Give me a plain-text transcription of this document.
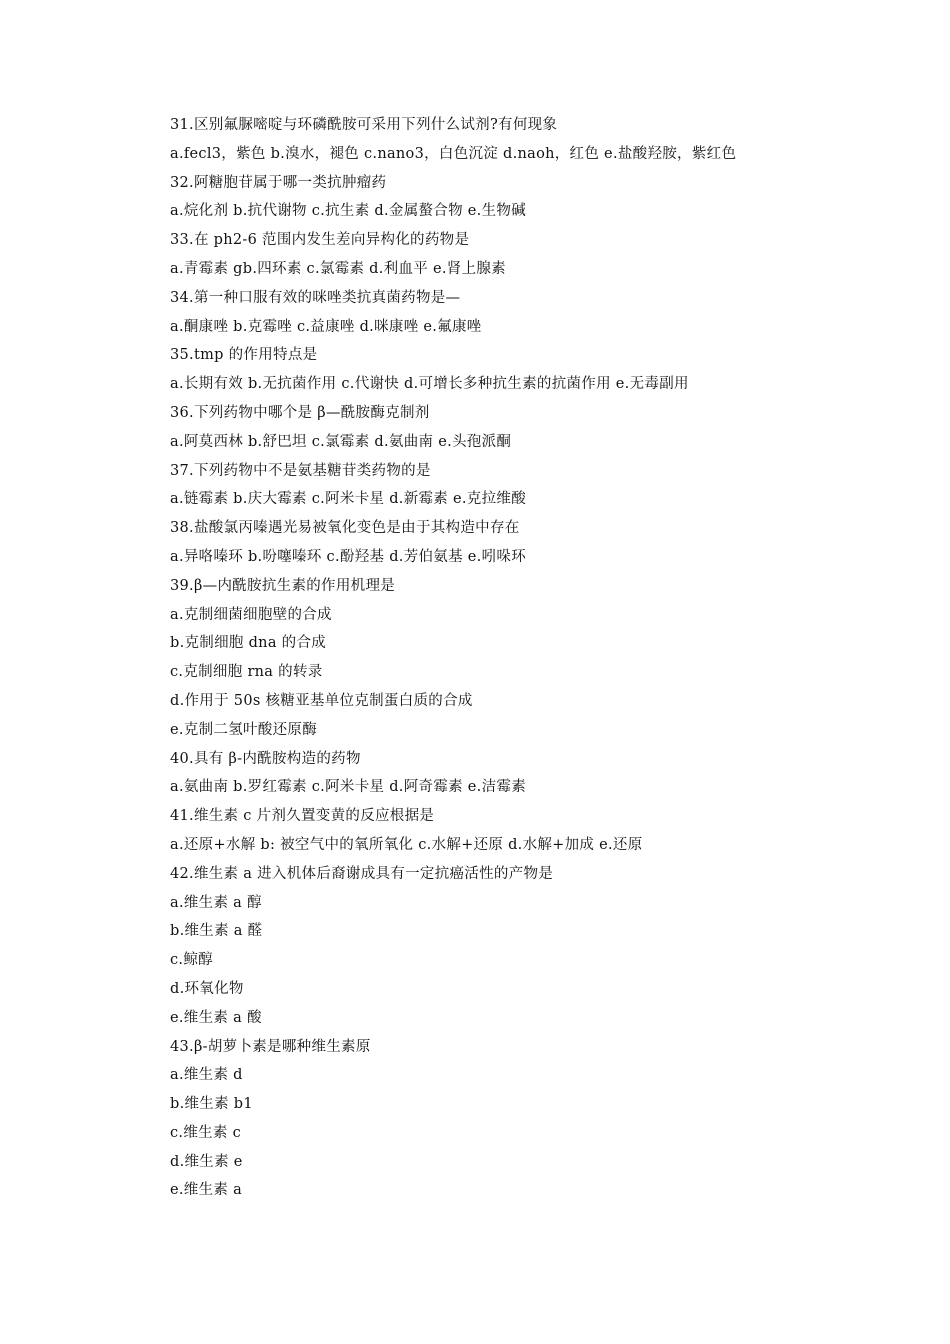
31.区别氟脲嘧啶与环磷酰胺可采用下列什么试剂?有何现象
a.fecl3，紫色 b.溴水，褪色 c.nano3，白色沉淀 d.naoh，红色 e.盐酸羟胺，紫红色
32.阿糖胞苷属于哪一类抗肿瘤药
a.烷化剂 b.抗代谢物 c.抗生素 d.金属螯合物 e.生物碱
33.在 ph2-6 范围内发生差向异构化的药物是
a.青霉素 gb.四环素 c.氯霉素 d.利血平 e.肾上腺素
34.第一种口服有效的咪唑类抗真菌药物是—
a.酮康唑 b.克霉唑 c.益康唑 d.咪康唑 e.氟康唑
35.tmp 的作用特点是
a.长期有效 b.无抗菌作用 c.代谢快 d.可增长多种抗生素的抗菌作用 e.无毒副用
36.下列药物中哪个是 β—酰胺酶克制剂
a.阿莫西林 b.舒巴坦 c.氯霉素 d.氨曲南 e.头孢派酮
37.下列药物中不是氨基糖苷类药物的是
a.链霉素 b.庆大霉素 c.阿米卡星 d.新霉素 e.克拉维酸
38.盐酸氯丙嗪遇光易被氧化变色是由于其构造中存在
a.异咯嗪环 b.吩噻嗪环 c.酚羟基 d.芳伯氨基 e.吲哚环
39.β—内酰胺抗生素的作用机理是
a.克制细菌细胞壁的合成
b.克制细胞 dna 的合成
c.克制细胞 rna 的转录
d.作用于 50s 核糖亚基单位克制蛋白质的合成
e.克制二氢叶酸还原酶
40.具有 β-内酰胺构造的药物
a.氨曲南 b.罗红霉素 c.阿米卡星 d.阿奇霉素 e.洁霉素
41.维生素 c 片剂久置变黄的反应根据是
a.还原+水解 b: 被空气中的氧所氧化 c.水解+还原 d.水解+加成 e.还原
42.维生素 a 进入机体后裔谢成具有一定抗癌活性的产物是
a.维生素 a 醇
b.维生素 a 醛
c.鲸醇
d.环氧化物
e.维生素 a 酸
43.β-胡萝卜素是哪种维生素原
a.维生素 d
b.维生素 b1
c.维生素 c
d.维生素 e
e.维生素 a
